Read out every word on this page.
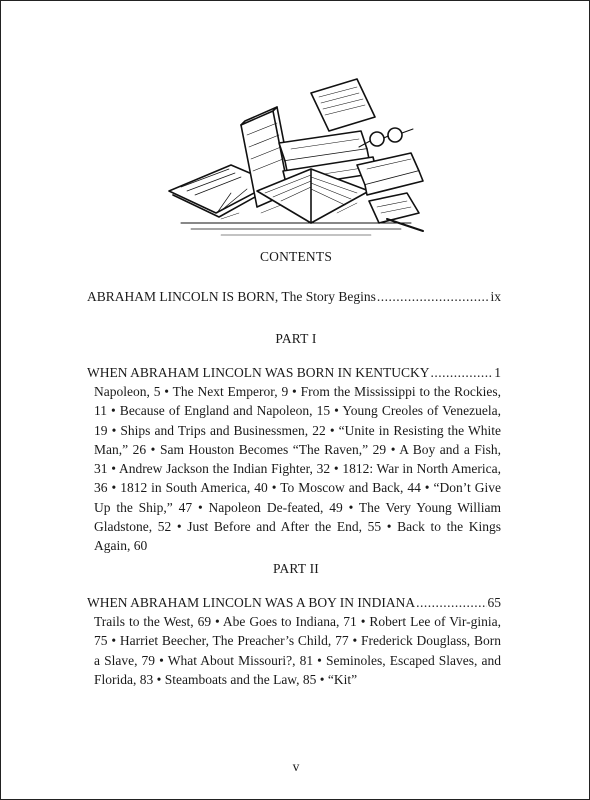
CONTENTS
ABRAHAM LINCOLN IS BORN, The Story Begins .....	ix
PART I
WHEN ABRAHAM LINCOLN WAS BORN IN KENTUCKY .....	1
Napoleon, 5 • The Next Emperor, 9 • From the Mississippi to the Rockies, 11 • Because of England and Napoleon, 15 • Young Creoles of Venezuela, 19 • Ships and Trips and Businessmen, 22 • “Unite in Resisting the White Man,” 26 • Sam Houston Becomes “The Raven,” 29 • A Boy and a Fish, 31 • Andrew Jackson the Indian Fighter, 32 • 1812: War in North America, 36 • 1812 in South America, 40 • To Moscow and Back, 44 • “Don’t Give Up the Ship,” 47 • Napoleon De-feated, 49 • The Very Young William Gladstone, 52 • Just Before and After the End, 55 • Back to the Kings Again, 60
PART II
WHEN ABRAHAM LINCOLN WAS A BOY IN INDIANA .....	65
Trails to the West, 69 • Abe Goes to Indiana, 71 • Robert Lee of Vir-ginia, 75 • Harriet Beecher, The Preacher’s Child, 77 • Frederick Douglass, Born a Slave, 79 • What About Missouri?, 81 • Seminoles, Escaped Slaves, and Florida, 83 • Steamboats and the Law, 85 • “Kit”
v
